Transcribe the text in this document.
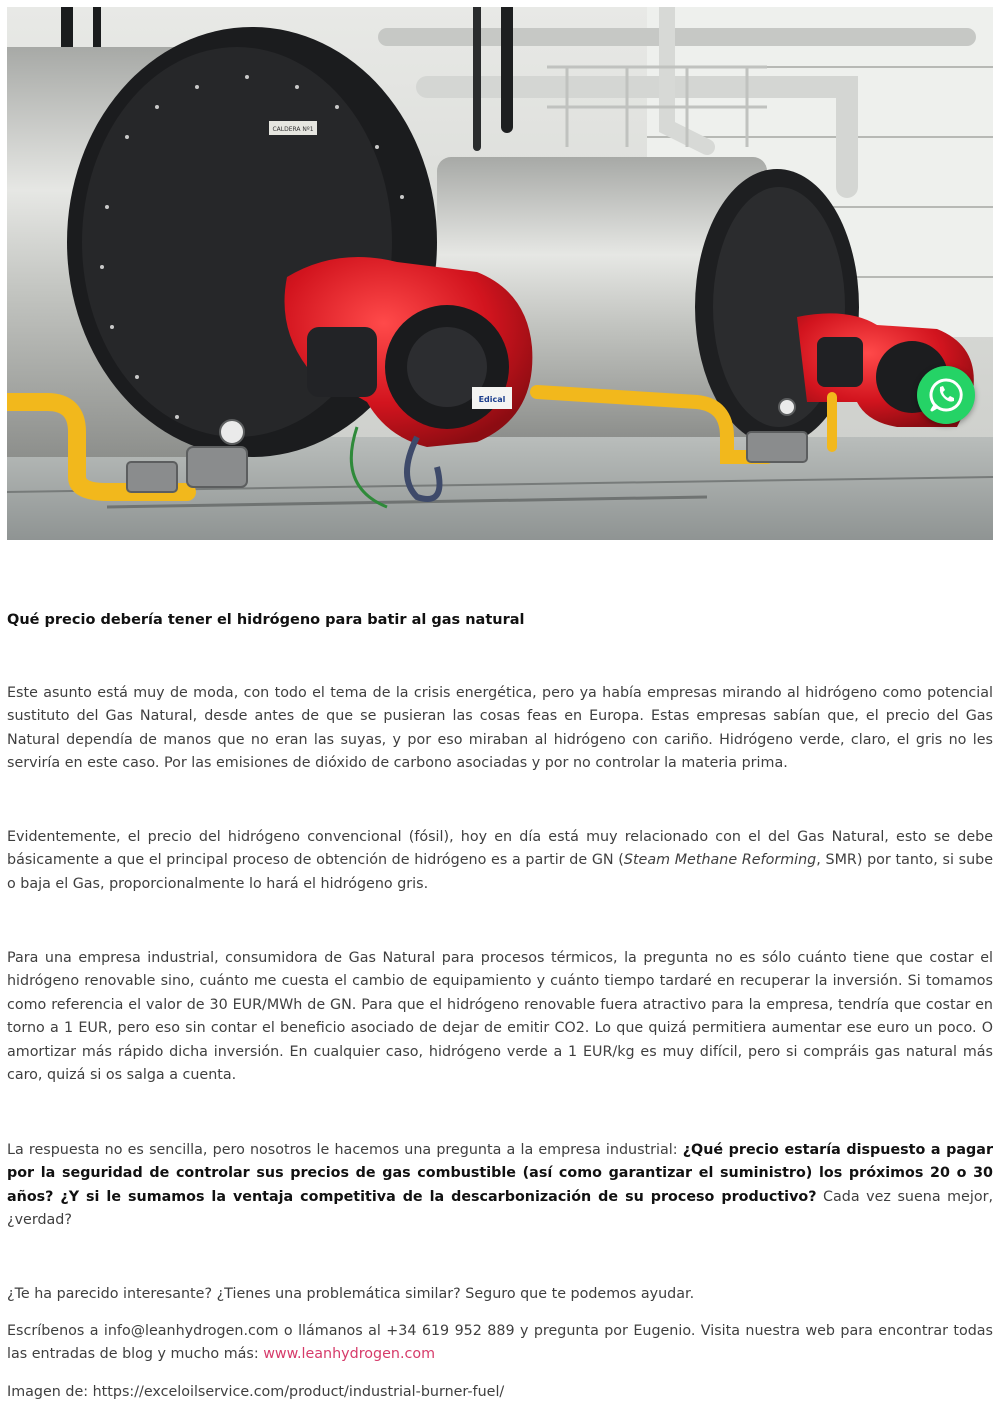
CALDERA Nº1
Edical
Qué precio debería tener el hidrógeno para batir al gas natural

Este asunto está muy de moda, con todo el tema de la crisis energética, pero ya había empresas mirando al hidrógeno como potencial sustituto del Gas Natural, desde antes de que se pusieran las cosas feas en Europa. Estas empresas sabían que, el precio del Gas Natural dependía de manos que no eran las suyas, y por eso miraban al hidrógeno con cariño. Hidrógeno verde, claro, el gris no les serviría en este caso. Por las emisiones de dióxido de carbono asociadas y por no controlar la materia prima.

Evidentemente, el precio del hidrógeno convencional (fósil), hoy en día está muy relacionado con el del Gas Natural, esto se debe básicamente a que el principal proceso de obtención de hidrógeno es a partir de GN (Steam Methane Reforming, SMR) por tanto, si sube o baja el Gas, proporcionalmente lo hará el hidrógeno gris.

Para una empresa industrial, consumidora de Gas Natural para procesos térmicos, la pregunta no es sólo cuánto tiene que costar el hidrógeno renovable sino, cuánto me cuesta el cambio de equipamiento y cuánto tiempo tardaré en recuperar la inversión. Si tomamos como referencia el valor de 30 EUR/MWh de GN. Para que el hidrógeno renovable fuera atractivo para la empresa, tendría que costar en torno a 1 EUR, pero eso sin contar el beneficio asociado de dejar de emitir CO2. Lo que quizá permitiera aumentar ese euro un poco. O amortizar más rápido dicha inversión. En cualquier caso, hidrógeno verde a 1 EUR/kg es muy difícil, pero si compráis gas natural más caro, quizá si os salga a cuenta.

La respuesta no es sencilla, pero nosotros le hacemos una pregunta a la empresa industrial: ¿Qué precio estaría dispuesto a pagar por la seguridad de controlar sus precios de gas combustible (así como garantizar el suministro) los próximos 20 o 30 años? ¿Y si le sumamos la ventaja competitiva de la descarbonización de su proceso productivo? Cada vez suena mejor, ¿verdad?

¿Te ha parecido interesante? ¿Tienes una problemática similar? Seguro que te podemos ayudar.

Escríbenos a info@leanhydrogen.com o llámanos al +34 619 952 889 y pregunta por Eugenio. Visita nuestra web para encontrar todas las entradas de blog y mucho más: www.leanhydrogen.com

Imagen de: https://exceloilservice.com/product/industrial-burner-fuel/
